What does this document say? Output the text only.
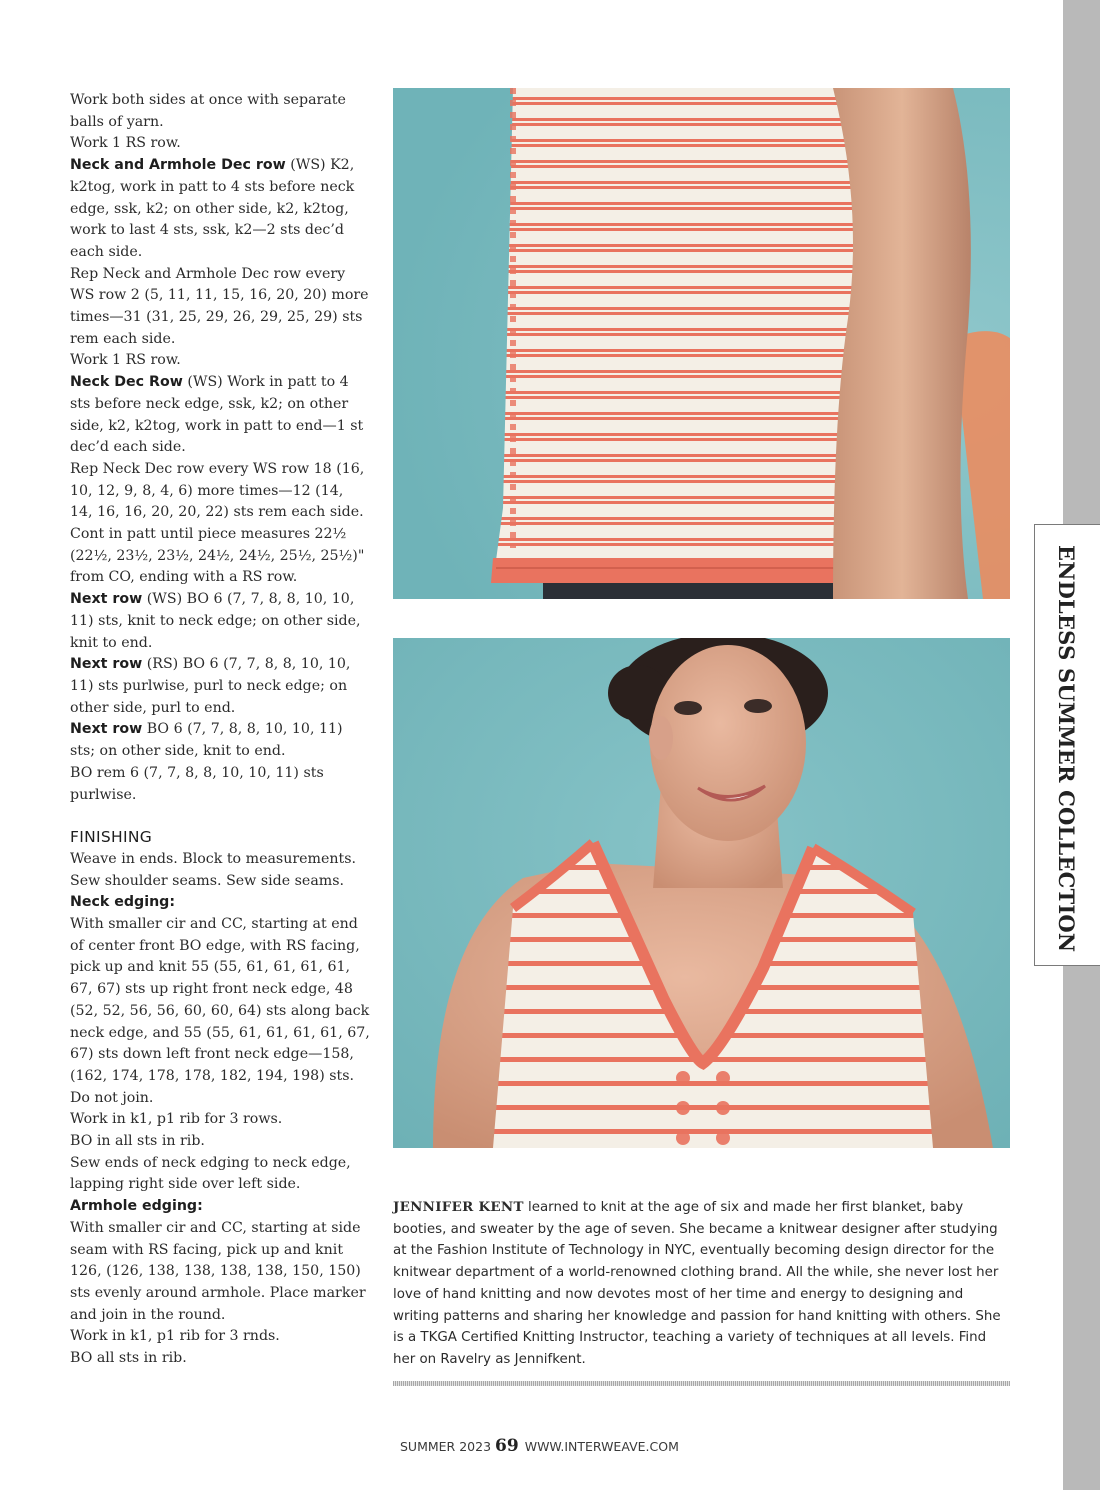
Work both sides at once with separate balls of yarn.

Work 1 RS row.

Neck and Armhole Dec row (WS) K2, k2tog, work in patt to 4 sts before neck edge, ssk, k2; on other side, k2, k2tog, work to last 4 sts, ssk, k2—2 sts dec’d each side.

Rep Neck and Armhole Dec row every WS row 2 (5, 11, 11, 15, 16, 20, 20) more times—31 (31, 25, 29, 26, 29, 25, 29) sts rem each side.

Work 1 RS row.

Neck Dec Row (WS) Work in patt to 4 sts before neck edge, ssk, k2; on other side, k2, k2tog, work in patt to end—1 st dec’d each side.

Rep Neck Dec row every WS row 18 (16, 10, 12, 9, 8, 4, 6) more times—12 (14, 14, 16, 16, 20, 20, 22) sts rem each side.

Cont in patt until piece measures 22½ (22½, 23½, 23½, 24½, 24½, 25½, 25½)" from CO, ending with a RS row.

Next row (WS) BO 6 (7, 7, 8, 8, 10, 10, 11) sts, knit to neck edge; on other side, knit to end.

Next row (RS) BO 6 (7, 7, 8, 8, 10, 10, 11) sts purlwise, purl to neck edge; on other side, purl to end.

Next row BO 6 (7, 7, 8, 8, 10, 10, 11) sts; on other side, knit to end.

BO rem 6 (7, 7, 8, 8, 10, 10, 11) sts purlwise.

FINISHING

Weave in ends. Block to measurements.

Sew shoulder seams. Sew side seams.

Neck edging:

With smaller cir and CC, starting at end of center front BO edge, with RS facing, pick up and knit 55 (55, 61, 61, 61, 61, 67, 67) sts up right front neck edge, 48 (52, 52, 56, 56, 60, 60, 64) sts along back neck edge, and 55 (55, 61, 61, 61, 61, 67, 67) sts down left front neck edge—158, (162, 174, 178, 178, 182, 194, 198) sts. Do not join.

Work in k1, p1 rib for 3 rows.

BO in all sts in rib.

Sew ends of neck edging to neck edge, lapping right side over left side.

Armhole edging:

With smaller cir and CC, starting at side seam with RS facing, pick up and knit 126, (126, 138, 138, 138, 138, 150, 150) sts evenly around armhole. Place marker and join in the round.

Work in k1, p1 rib for 3 rnds.

BO all sts in rib.

JENNIFER KENT learned to knit at the age of six and made her first blanket, baby booties, and sweater by the age of seven. She became a knitwear designer after studying at the Fashion Institute of Technology in NYC, eventually becoming design director for the knitwear department of a world-renowned clothing brand. All the while, she never lost her love of hand knitting and now devotes most of her time and energy to designing and writing patterns and sharing her knowledge and passion for hand knitting with others. She is a TKGA Certified Knitting Instructor, teaching a variety of techniques at all levels. Find her on Ravelry as Jennifkent.
ENDLESS SUMMER COLLECTION
SUMMER 2023 69 WWW.INTERWEAVE.COM
